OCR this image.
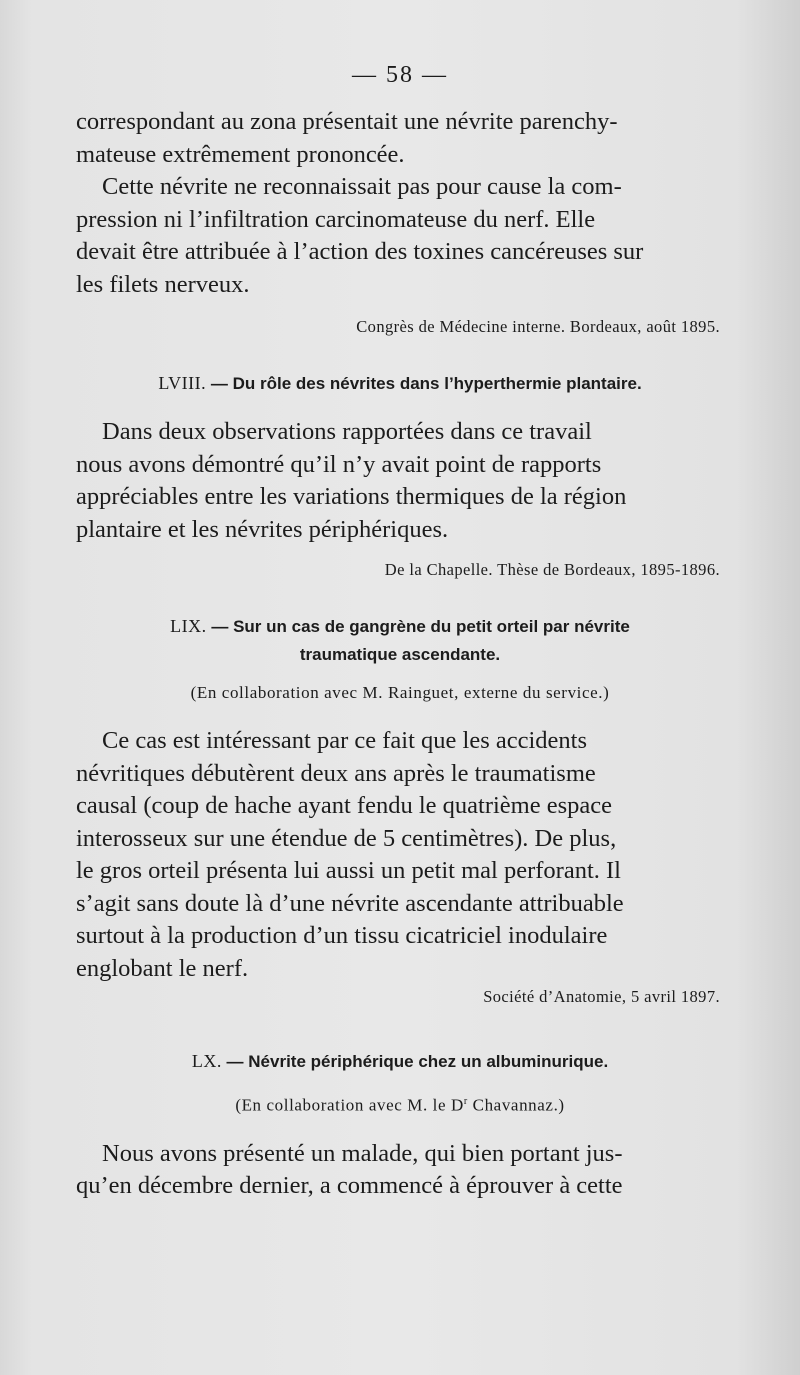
— 58 —

correspondant au zona présentait une névrite parenchy-

mateuse extrêmement prononcée.

Cette névrite ne reconnaissait pas pour cause la com-

pression ni l’infiltration carcinomateuse du nerf. Elle

devait être attribuée à l’action des toxines cancéreuses sur

les filets nerveux.

Congrès de Médecine interne. Bordeaux, août 1895.

LVIII. — Du rôle des névrites dans l’hyperthermie plantaire.

Dans deux observations rapportées dans ce travail

nous avons démontré qu’il n’y avait point de rapports

appréciables entre les variations thermiques de la région

plantaire et les névrites périphériques.

De la Chapelle. Thèse de Bordeaux, 1895-1896.

LIX. — Sur un cas de gangrène du petit orteil par névrite

traumatique ascendante.

(En collaboration avec M. Rainguet, externe du service.)

Ce cas est intéressant par ce fait que les accidents

névritiques débutèrent deux ans après le traumatisme

causal (coup de hache ayant fendu le quatrième espace

interosseux sur une étendue de 5 centimètres). De plus,

le gros orteil présenta lui aussi un petit mal perforant. Il

s’agit sans doute là d’une névrite ascendante attribuable

surtout à la production d’un tissu cicatriciel inodulaire

englobant le nerf.

Société d’Anatomie, 5 avril 1897.

LX. — Névrite périphérique chez un albuminurique.

(En collaboration avec M. le $D^r$ Chavannaz.)

Nous avons présenté un malade, qui bien portant jus-

qu’en décembre dernier, a commencé à éprouver à cette
